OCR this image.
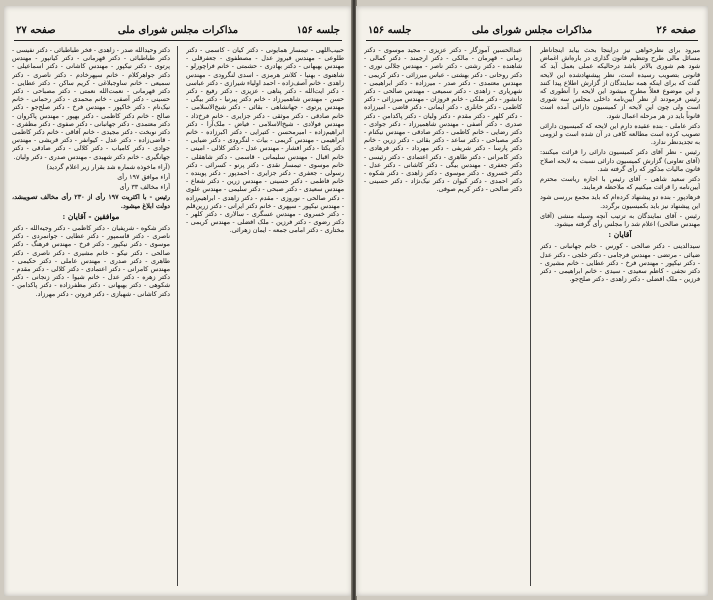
صفحه ۲۷	مذاکرات مجلس شورای ملی	جلسه ۱۵۶

حبیب‌اللهی - تیمسار همایونی - دکتر کیان - کاسمی - دکتر طلوعی - مهندس فیروز عدل - مصطفوی - جعفرقلی - مهندس بهبهانی - دکتر بهادری - حشمتی - خانم فراچورلو - شاهنوی - بهنیا - کلانتر هرمزی - اسدی لنگرودی - مهندس زاهدی - خانم آصف‌زاده - احمد اولیاء شیرازی - دکتر عباسی - دکتر ایت‌الله - دکتر پناهی - عزیزی - دکتر رفیع - دکتر حسن - مهندس شاهمیرزاد - خانم دکتر پیرنیا - دکتر بیگی - مهندس پرتوی - جهانشاهی - بقائی - دکتر شیخ‌الاسلامی - خانم صادقی - دکتر موثقی - دکتر جزایری - خانم فرخ‌ذاد - مهندس فولادی - شیخ‌الاسلامی - فیاض - ملک‌آرا - دکتر ابراهیم‌زاده - امیرمحسن - کتیرایی - دکتر اکبرزاده - خانم ابراهیمی - مهندس کریمی - بیات - لنگرودی - دکتر ضیایی - دکتر یکتا - دکتر افشار - مهندس عدل - دکتر کلالی - امینی - خانم اقبال - مهندس سلیمانی - قاسمی - دکتر شاهقلی - خانم موسوی - تیمسار نقدی - دکتر پرنو - کسرائی - دکتر رسولی - جعفری - دکتر جزایری - احمدپور - دکتر پوینده - خانم فاطمی - دکتر حسینی - مهندس زرین - دکتر شعاع - مهندس سعیدی - دکتر صبحی - دکتر سلیمی - مهندس علوی - دکتر صالحی - نوروزی - مقدم - دکتر زاهدی - ابراهیم‌زاده - مهندس نیکپور - سپهری - خانم دکتر ایرانی - دکتر زرین‌قلم - دکتر خسروی - مهندس عسگری - سالاری - دکتر کلهر - دکتر رضوی - دکتر فرزین - ملک افضلی - مهندس کریمی - مختاری - دکتر امامی جمعه - ایمان زهرائی.

دکتر وحید‌الله صدر - زاهدی - فخر طباطبائی - دکتر نفیسی - دکتر طباطبائی - دکتر قهرمانی - دکتر کیانپور - مهندس پرتوی - دکتر نیکپور - مهندس کاشانی - دکتر اسماعیلی - دکتر جواهرکلام - خانم سپهرخادم - دکتر ناصری - دکتر سمیعی - خانم ساوجبلاغی - کریم ساکن - دکتر عطایی - دکتر قهرمانی - نعمت‌الله نعمتی - دکتر مصباحی - دکتر حسینی - دکتر آصفی - خانم محمدی - دکتر رحمانی - خانم نیک‌نام - دکتر خاکپور - مهندس فرخ - دکتر صلح‌جو - دکتر صالح - خانم دکتر کاظمی - دکتر بهپور - مهندس پاکروان - دکتر معتمدی - دکتر جهانبانی - دکتر صفوی - دکتر مظفری - دکتر نوبخت - دکتر مجیدی - خانم آفاقی - خانم دکتر کاظمی - قاضی‌زاده - دکتر عدل - کیوانفر - دکتر قریشی - مهندس جوادی - دکتر کامیاب - دکتر کلالی - دکتر صادقی - دکتر جهانگیری - خانم دکتر شهیدی - مهندس صدری - دکتر ولیان.

(آراء ماخوذه شماره شد بقرار زیر اعلام گردید)

آراء موافق ۱۹۷ رأی

آراء مخالف ۳۳ رأی

رئیس - با اکثریت ۱۹۷ رأی از ۲۳۰ رأی مخالف تصویبشد، دولت ابلاغ میشود.

موافقین - آقایان :

دکتر شکوه - شریفیان - دکتر کاظمی - دکتر وجیه‌الله - دکتر ناصری - دکتر قاسمپور - دکتر عطایی - جوانمردی - دکتر موسوی - دکتر نیکپور - دکتر فرخ - مهندس فرهنگ - دکتر صالحی - دکتر نیکو - خانم مشیری - دکتر ناصری - دکتر طاهری - دکتر صدری - مهندس عاملی - دکتر حکیمی - مهندس کامرانی - دکتر اعتمادی - دکتر کلالی - دکتر مقدم - دکتر زهره - دکتر عدل - خانم شیوا - دکتر زنجانی - دکتر شکوهی - دکتر بهبهانی - دکتر مظفرزاده - دکتر پاکدامن - دکتر کاشانی - شهبازی - دکتر فروتن - دکتر مهرزاد.

صفحه ۲۶
مذاکرات مجلس شورای ملی
جلسه ۱۵۶

میرود برای نظرخواهی نیز دراینجا بحث بیابد اینجاناظر مسائل مالی طرح وتنظیم قانون گذاری در باره‌اش اغماض شود هم شوری بالاتر باشد درحالیکه عملی بعمل آید که قانونی بتصویب رسیده است، نظر پیشنهادشده این لایحه گفت که برای اینکه همه نمایندگان از گزارش اطلاع پیدا کنند و این موضوع فعلاً مطرح میشود این لایحه را آنطوری که رئیس فرمودند از نظر آیین‌نامه داخلی مجلس سه شوری است ولی چون این لایحه از کمیسیون دارائی آمده است قانوناً باید در هر مرحله اعمال شود.

دکتر عاملی - بنده عقیده دارم این لایحه که کمیسیون دارائی تصویب کرده است مطالعه کافی در آن شده است و لزومی به تجدیدنظر ندارد.

رئیس - نظر آقای دکتر کمیسیون دارائی را قرائت میکنند: (آقای تعاونی) گزارش کمیسیون دارائی نسبت به لایحه اصلاح قانون مالیات مذکور که رأی گرفته شد.

دکتر سعید شاهی - آقای رئیس با اجازه ریاست محترم آیین‌نامه را قرائت میکنیم که ملاحظه فرمایند.

فرهادپور - بنده دو پیشنهاد کرده‌ام که باید مجمع بررسی شود این پیشنهاد نیز باید بکمیسیون برگردد.

رئیس - آقای نمایندگان به ترتیب آنچه وسیله منشی (آقای مهندس صالحی) اعلام شد را مجلس رأی گرفته میشود.

آقایان :

سیدالدینی - دکتر صالحی - کورس - خانم جهانبانی - دکتر ضیائی - مرتضی - مهندس فرجامی - دکتر خلجی - دکتر عدل - دکتر نیکپور - مهندس فرخ - دکتر عطایی - خانم مشیری - دکتر نجفی - کاظم سعیدی - سیدی - خانم ابراهیمی - دکتر فرزین - ملک افضلی - دکتر زاهدی - دکتر صلح‌جو.

عبدالحسین آموزگار - دکتر عزیزی - مجید موسوی - دکتر زمانی - قهرمان - مالکی - دکتر ارجمند - دکتر کمالی - شاهنده - دکتر رشتی - دکتر ناصر - مهندس جلالی نوری - دکتر روحانی - دکتر بهشتی - عباس میرزائی - دکتر کریمی - مهندس معتمدی - دکتر صدر - میرزاده - دکتر ابراهیمی - شهریاری - زاهدی - دکتر سمیعی - مهندس صالحی - دکتر دانشور - دکتر ملکی - خانم فروزان - مهندس میرزائی - دکتر کاظمی - دکتر خانلری - دکتر ایمانی - دکتر قاضی - امیرزاده - دکتر کلهر - دکتر مقدم - دکتر ولیان - دکتر پاکدامن - دکتر صدری - دکتر آصفی - مهندس شاهمیرزاد - دکتر جوادی - دکتر رضایی - خانم کاظمی - دکتر صادقی - مهندس نیکنام - دکتر مصباحی - دکتر ساعد - دکتر بقائی - دکتر زرین - خانم دکتر پارسا - دکتر شریفی - دکتر مهرداد - دکتر فرهادی - دکتر کامرانی - دکتر طاهری - دکتر اعتمادی - دکتر رئیسی - دکتر جعفری - مهندس بیگی - دکتر کاشانی - دکتر عدل - دکتر خسروی - دکتر موسوی - دکتر زاهدی - دکتر شکوه - دکتر احمدی - دکتر کیوان - دکتر نیک‌نژاد - دکتر حسینی - دکتر صالحی - دکتر کریم صوفی.
